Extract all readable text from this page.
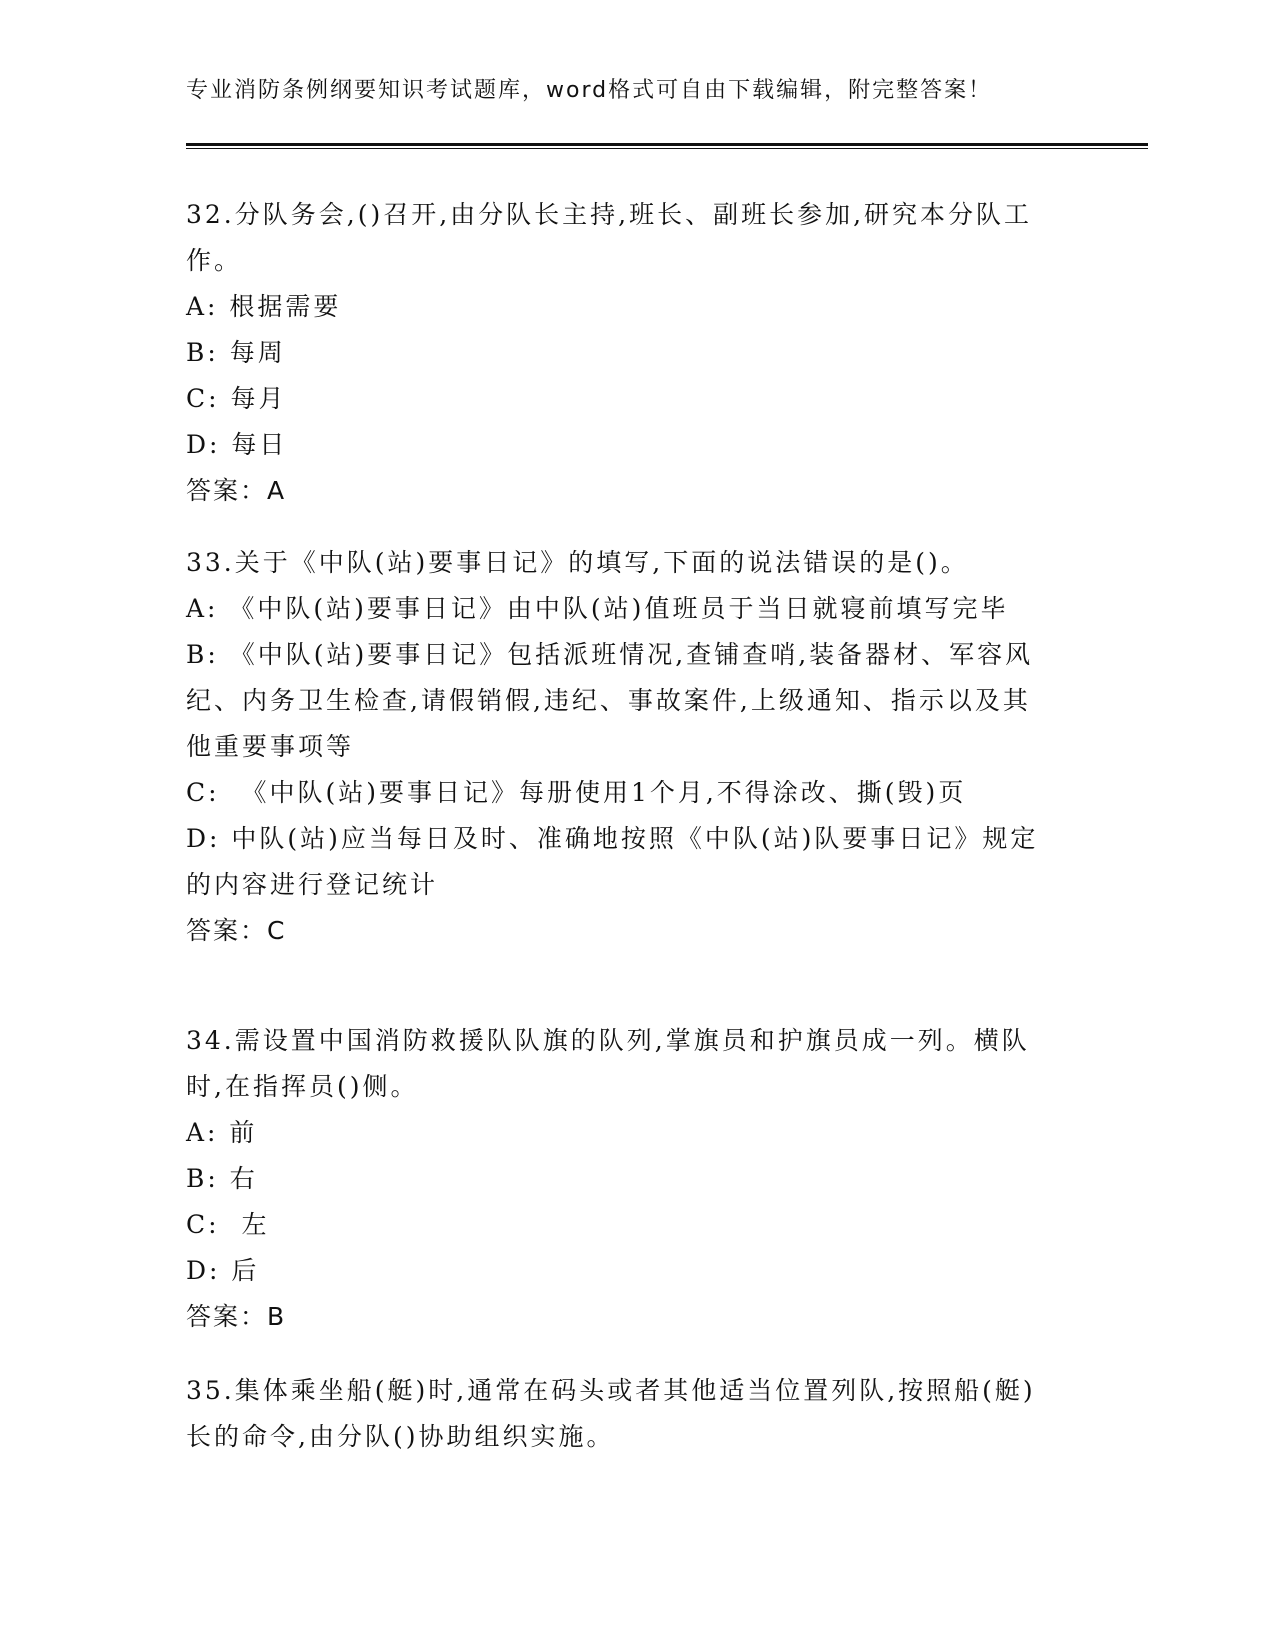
专业消防条例纲要知识考试题库，word格式可自由下载编辑，附完整答案！
32.分队务会,()召开,由分队长主持,班长、副班长参加,研究本分队工
作。
A: 根据需要
B: 每周
C: 每月
D: 每日
答案：A
33.关于《中队(站)要事日记》的填写,下面的说法错误的是()。
A: 《中队(站)要事日记》由中队(站)值班员于当日就寝前填写完毕
B: 《中队(站)要事日记》包括派班情况,查铺查哨,装备器材、军容风
纪、内务卫生检查,请假销假,违纪、事故案件,上级通知、指示以及其
他重要事项等
C:  《中队(站)要事日记》每册使用1个月,不得涂改、撕(毁)页
D: 中队(站)应当每日及时、准确地按照《中队(站)队要事日记》规定
的内容进行登记统计
答案：C
34.需设置中国消防救援队队旗的队列,掌旗员和护旗员成一列。横队
时,在指挥员()侧。
A: 前
B: 右
C:  左
D: 后
答案：B
35.集体乘坐船(艇)时,通常在码头或者其他适当位置列队,按照船(艇)
长的命令,由分队()协助组织实施。
